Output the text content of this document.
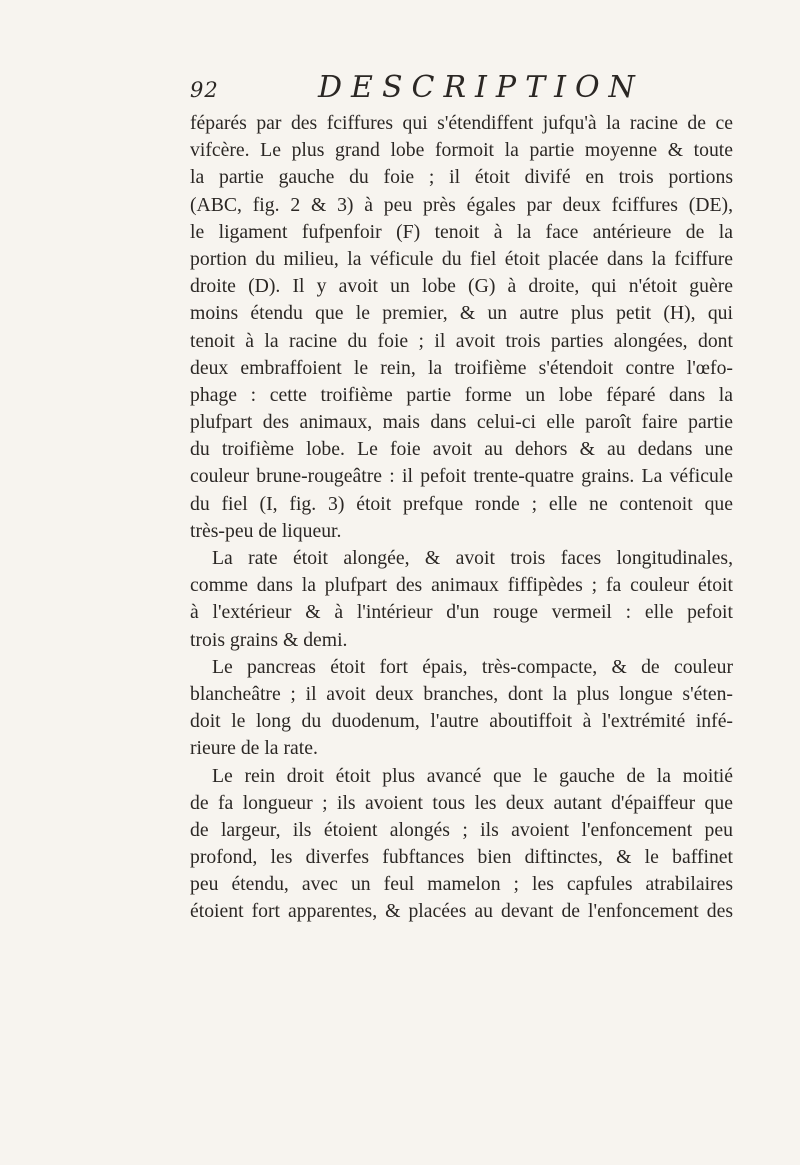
92	DESCRIPTION
féparés par des fciffures qui s'étendiffent jufqu'à la racine de ce
vifcère. Le plus grand lobe formoit la partie moyenne & toute
la partie gauche du foie ; il étoit divifé en trois portions
(ABC, fig. 2 & 3) à peu près égales par deux fciffures (DE),
le ligament fufpenfoir (F) tenoit à la face antérieure de la
portion du milieu, la véficule du fiel étoit placée dans la fciffure
droite (D). Il y avoit un lobe (G) à droite, qui n'étoit guère
moins étendu que le premier, & un autre plus petit (H), qui
tenoit à la racine du foie ; il avoit trois parties alongées, dont
deux embraffoient le rein, la troifième s'étendoit contre l'œfo-
phage : cette troifième partie forme un lobe féparé dans la
plufpart des animaux, mais dans celui-ci elle paroît faire partie
du troifième lobe. Le foie avoit au dehors & au dedans une
couleur brune-rougeâtre : il pefoit trente-quatre grains. La véficule
du fiel (I, fig. 3) étoit prefque ronde ; elle ne contenoit que
très-peu de liqueur.
La rate étoit alongée, & avoit trois faces longitudinales,
comme dans la plufpart des animaux fiffipèdes ; fa couleur étoit
à l'extérieur & à l'intérieur d'un rouge vermeil : elle pefoit
trois grains & demi.
Le pancreas étoit fort épais, très-compacte, & de couleur
blancheâtre ; il avoit deux branches, dont la plus longue s'éten-
doit le long du duodenum, l'autre aboutiffoit à l'extrémité infé-
rieure de la rate.
Le rein droit étoit plus avancé que le gauche de la moitié
de fa longueur ; ils avoient tous les deux autant d'épaiffeur que
de largeur, ils étoient alongés ; ils avoient l'enfoncement peu
profond, les diverfes fubftances bien diftinctes, & le baffinet
peu étendu, avec un feul mamelon ; les capfules atrabilaires
étoient fort apparentes, & placées au devant de l'enfoncement des
